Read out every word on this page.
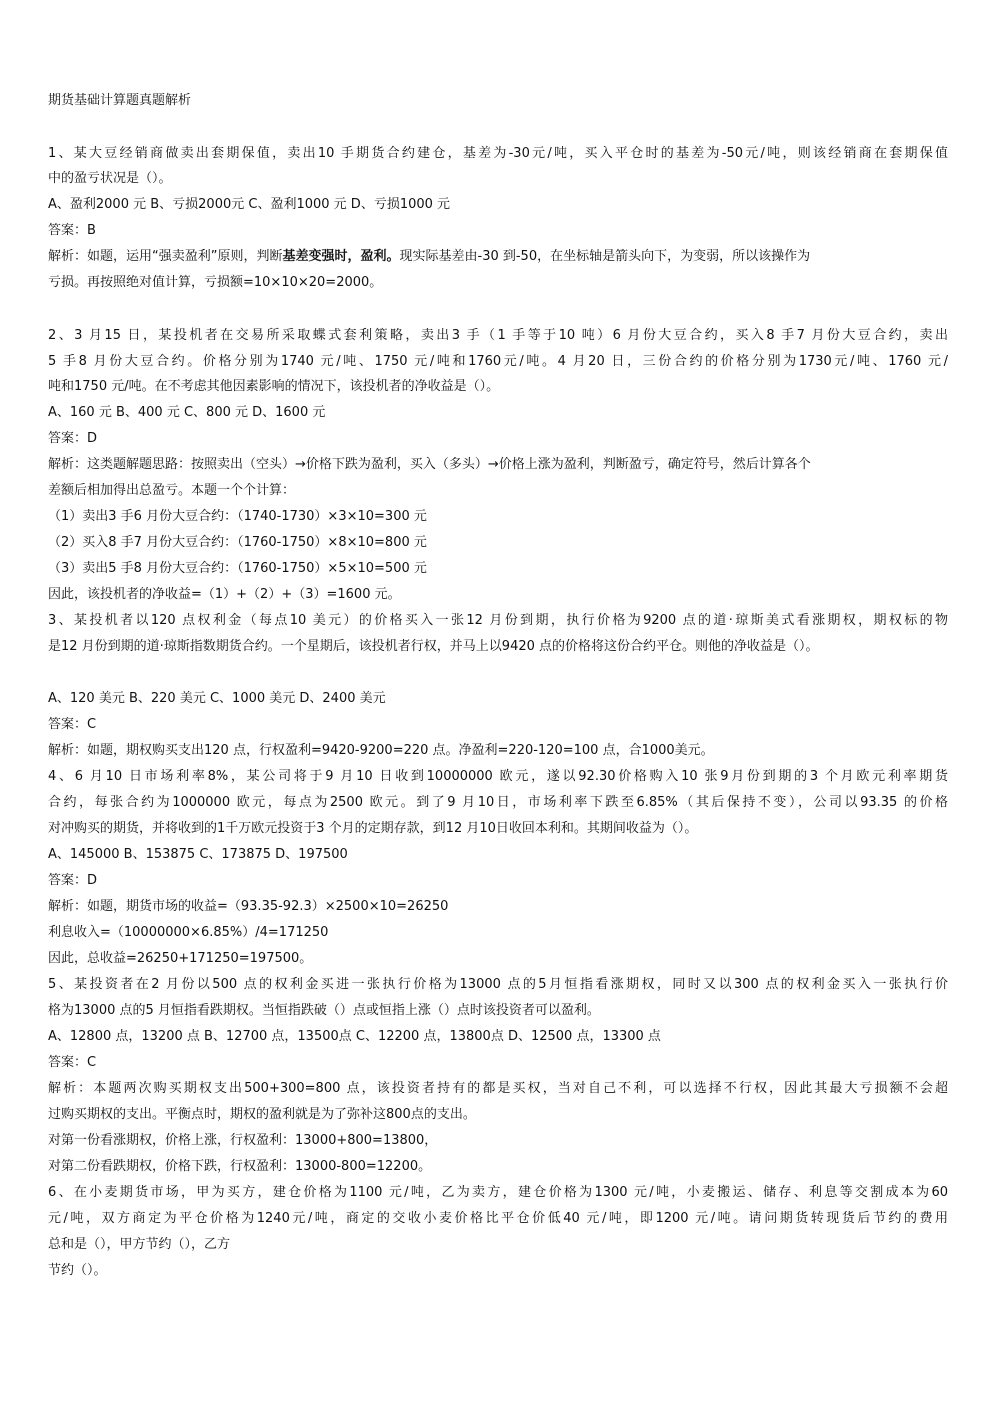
期货基础计算题真题解析
1、某大豆经销商做卖出套期保值，卖出10 手期货合约建仓，基差为-30元/吨，买入平仓时的基差为-50元/吨，则该经销商在套期保值
中的盈亏状况是（）。
A、盈利2000 元 B、亏损2000元 C、盈利1000 元 D、亏损1000 元
答案：B
解析：如题，运用“强卖盈利”原则，判断基差变强时，盈利。现实际基差由-30 到-50，在坐标轴是箭头向下，为变弱，所以该操作为
亏损。再按照绝对值计算，亏损额=10×10×20=2000。
2、3 月15 日，某投机者在交易所采取蝶式套利策略，卖出3 手（1 手等于10 吨）6 月份大豆合约，买入8 手7 月份大豆合约，卖出
5 手8 月份大豆合约。价格分别为1740 元/吨、1750 元/吨和1760元/吨。4 月20 日，三份合约的价格分别为1730元/吨、1760 元/
吨和1750 元/吨。在不考虑其他因素影响的情况下，该投机者的净收益是（）。
A、160 元 B、400 元 C、800 元 D、1600 元
答案：D
解析：这类题解题思路：按照卖出（空头）→价格下跌为盈利，买入（多头）→价格上涨为盈利，判断盈亏，确定符号，然后计算各个
差额后相加得出总盈亏。本题一个个计算：
（1）卖出3 手6 月份大豆合约：（1740-1730）×3×10=300 元
（2）买入8 手7 月份大豆合约：（1760-1750）×8×10=800 元
（3）卖出5 手8 月份大豆合约：（1760-1750）×5×10=500 元
因此，该投机者的净收益=（1）+（2）+（3）=1600 元。
3、某投机者以120 点权利金（每点10 美元）的价格买入一张12 月份到期，执行价格为9200 点的道·琼斯美式看涨期权，期权标的物
是12 月份到期的道·琼斯指数期货合约。一个星期后，该投机者行权，并马上以9420 点的价格将这份合约平仓。则他的净收益是（）。
A、120 美元 B、220 美元 C、1000 美元 D、2400 美元
答案：C
解析：如题，期权购买支出120 点，行权盈利=9420-9200=220 点。净盈利=220-120=100 点，合1000美元。
4、6 月10 日市场利率8%，某公司将于9 月10 日收到10000000 欧元，遂以92.30价格购入10 张9月份到期的3 个月欧元利率期货
合约，每张合约为1000000 欧元，每点为2500 欧元。到了9 月10日，市场利率下跌至6.85%（其后保持不变），公司以93.35 的价格
对冲购买的期货，并将收到的1千万欧元投资于3 个月的定期存款，到12 月10日收回本利和。其期间收益为（）。
A、145000 B、153875 C、173875 D、197500
答案：D
解析：如题，期货市场的收益=（93.35-92.3）×2500×10=26250
利息收入=（10000000×6.85%）/4=171250
因此，总收益=26250+171250=197500。
5、某投资者在2 月份以500 点的权利金买进一张执行价格为13000 点的5月恒指看涨期权，同时又以300 点的权利金买入一张执行价
格为13000 点的5 月恒指看跌期权。当恒指跌破（）点或恒指上涨（）点时该投资者可以盈利。
A、12800 点，13200 点 B、12700 点，13500点 C、12200 点，13800点 D、12500 点，13300 点
答案：C
解析：本题两次购买期权支出500+300=800 点，该投资者持有的都是买权，当对自己不利，可以选择不行权，因此其最大亏损额不会超
过购买期权的支出。平衡点时，期权的盈利就是为了弥补这800点的支出。
对第一份看涨期权，价格上涨，行权盈利：13000+800=13800，
对第二份看跌期权，价格下跌，行权盈利：13000-800=12200。
6、在小麦期货市场，甲为买方，建仓价格为1100 元/吨，乙为卖方，建仓价格为1300 元/吨，小麦搬运、储存、利息等交割成本为60
元/吨，双方商定为平仓价格为1240元/吨，商定的交收小麦价格比平仓价低40 元/吨，即1200 元/吨。请问期货转现货后节约的费用
总和是（），甲方节约（），乙方
节约（）。
